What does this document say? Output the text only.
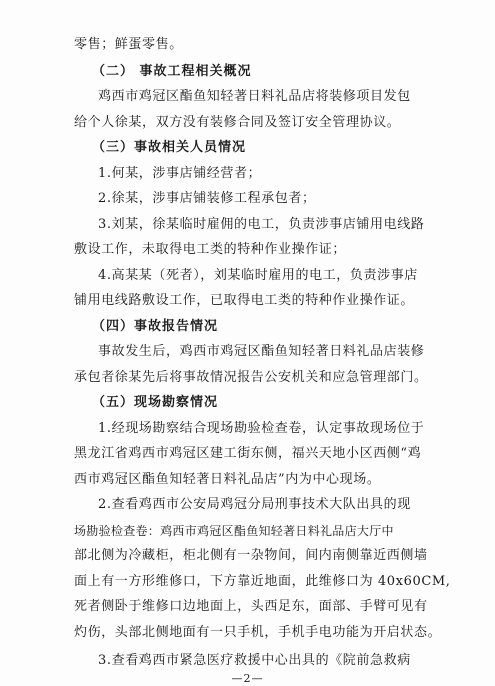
零售；鲜蛋零售。
（二） 事故工程相关概况
鸡西市鸡冠区酯鱼知轻著日料礼品店将装修项目发包
给个人徐某，双方没有装修合同及签订安全管理协议。
（三）事故相关人员情况
1.何某，涉事店铺经营者；
2.徐某，涉事店铺装修工程承包者；
3.刘某，徐某临时雇佣的电工，负责涉事店铺用电线路
敷设工作，未取得电工类的特种作业操作证；
4.高某某（死者），刘某临时雇用的电工，负责涉事店
铺用电线路敷设工作，已取得电工类的特种作业操作证。
（四）事故报告情况
事故发生后，鸡西市鸡冠区酯鱼知轻著日料礼品店装修
承包者徐某先后将事故情况报告公安机关和应急管理部门。
（五）现场勘察情况
1.经现场勘察结合现场勘验检查卷，认定事故现场位于
黑龙江省鸡西市鸡冠区建工街东侧，福兴天地小区西侧“鸡
西市鸡冠区酯鱼知轻著日料礼品店”内为中心现场。
2.查看鸡西市公安局鸡冠分局刑事技术大队出具的现
场勘验检查卷：鸡西市鸡冠区酯鱼知轻著日料礼品店大厅中
部北侧为冷藏柜，柜北侧有一杂物间，间内南侧靠近西侧墙
面上有一方形维修口，下方靠近地面，此维修口为 40x60CM,
死者侧卧于维修口边地面上，头西足东，面部、手臂可见有
灼伤，头部北侧地面有一只手机，手机手电功能为开启状态。
3.查看鸡西市紧急医疗救援中心出具的《院前急救病
—2—
